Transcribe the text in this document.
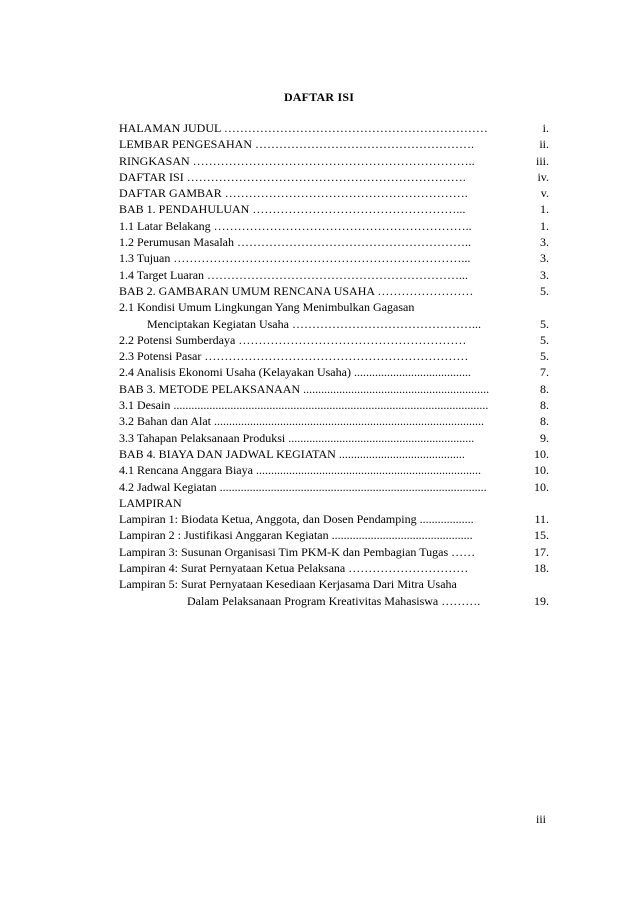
DAFTAR ISI
HALAMAN JUDUL …………………………………………………………	i.
LEMBAR PENGESAHAN ……………………………………………….	ii.
RINGKASAN ……………………………………………………………..	iii.
DAFTAR ISI …………………………………………………………….	iv.
DAFTAR GAMBAR …………………………………………………….	v.
BAB 1. PENDAHULUAN ……………………………………………...	1.
1.1 Latar Belakang ………………………………………………………..	1.
1.2 Perumusan Masalah …………………………………………………..	3.
1.3 Tujuan ………………………………………………………………...	3.
1.4 Target Luaran ………………………………………………………...	3.
BAB 2. GAMBARAN UMUM RENCANA USAHA ……………………	5.
2.1 Kondisi Umum Lingkungan Yang Menimbulkan Gagasan
Menciptakan Kegiatan Usaha ………………………………………...	5.
2.2 Potensi Sumberdaya …………………………………………………	5.
2.3 Potensi Pasar …………………………………………………………	5.
2.4 Analisis Ekonomi Usaha (Kelayakan Usaha) .......................................	7.
BAB 3. METODE PELAKSANAAN ..............................................................	8.
3.1 Desain .........................................................................................................	8.
3.2 Bahan dan Alat ..........................................................................................	8.
3.3 Tahapan Pelaksanaan Produksi ..............................................................	9.
BAB 4. BIAYA DAN JADWAL KEGIATAN ..........................................	10.
4.1 Rencana Anggara Biaya ...........................................................................	10.
4.2 Jadwal Kegiatan .........................................................................................	10.
LAMPIRAN
Lampiran 1: Biodata Ketua, Anggota, dan Dosen Pendamping ..................	11.
Lampiran 2 : Justifikasi Anggaran Kegiatan ...............................................	15.
Lampiran 3: Susunan Organisasi Tim PKM-K dan Pembagian Tugas ……	17.
Lampiran 4: Surat Pernyataan Ketua Pelaksana …………………………	18.
Lampiran 5: Surat Pernyataan Kesediaan Kerjasama Dari Mitra Usaha
Dalam Pelaksanaan Program Kreativitas Mahasiswa ……….	19.
iii
